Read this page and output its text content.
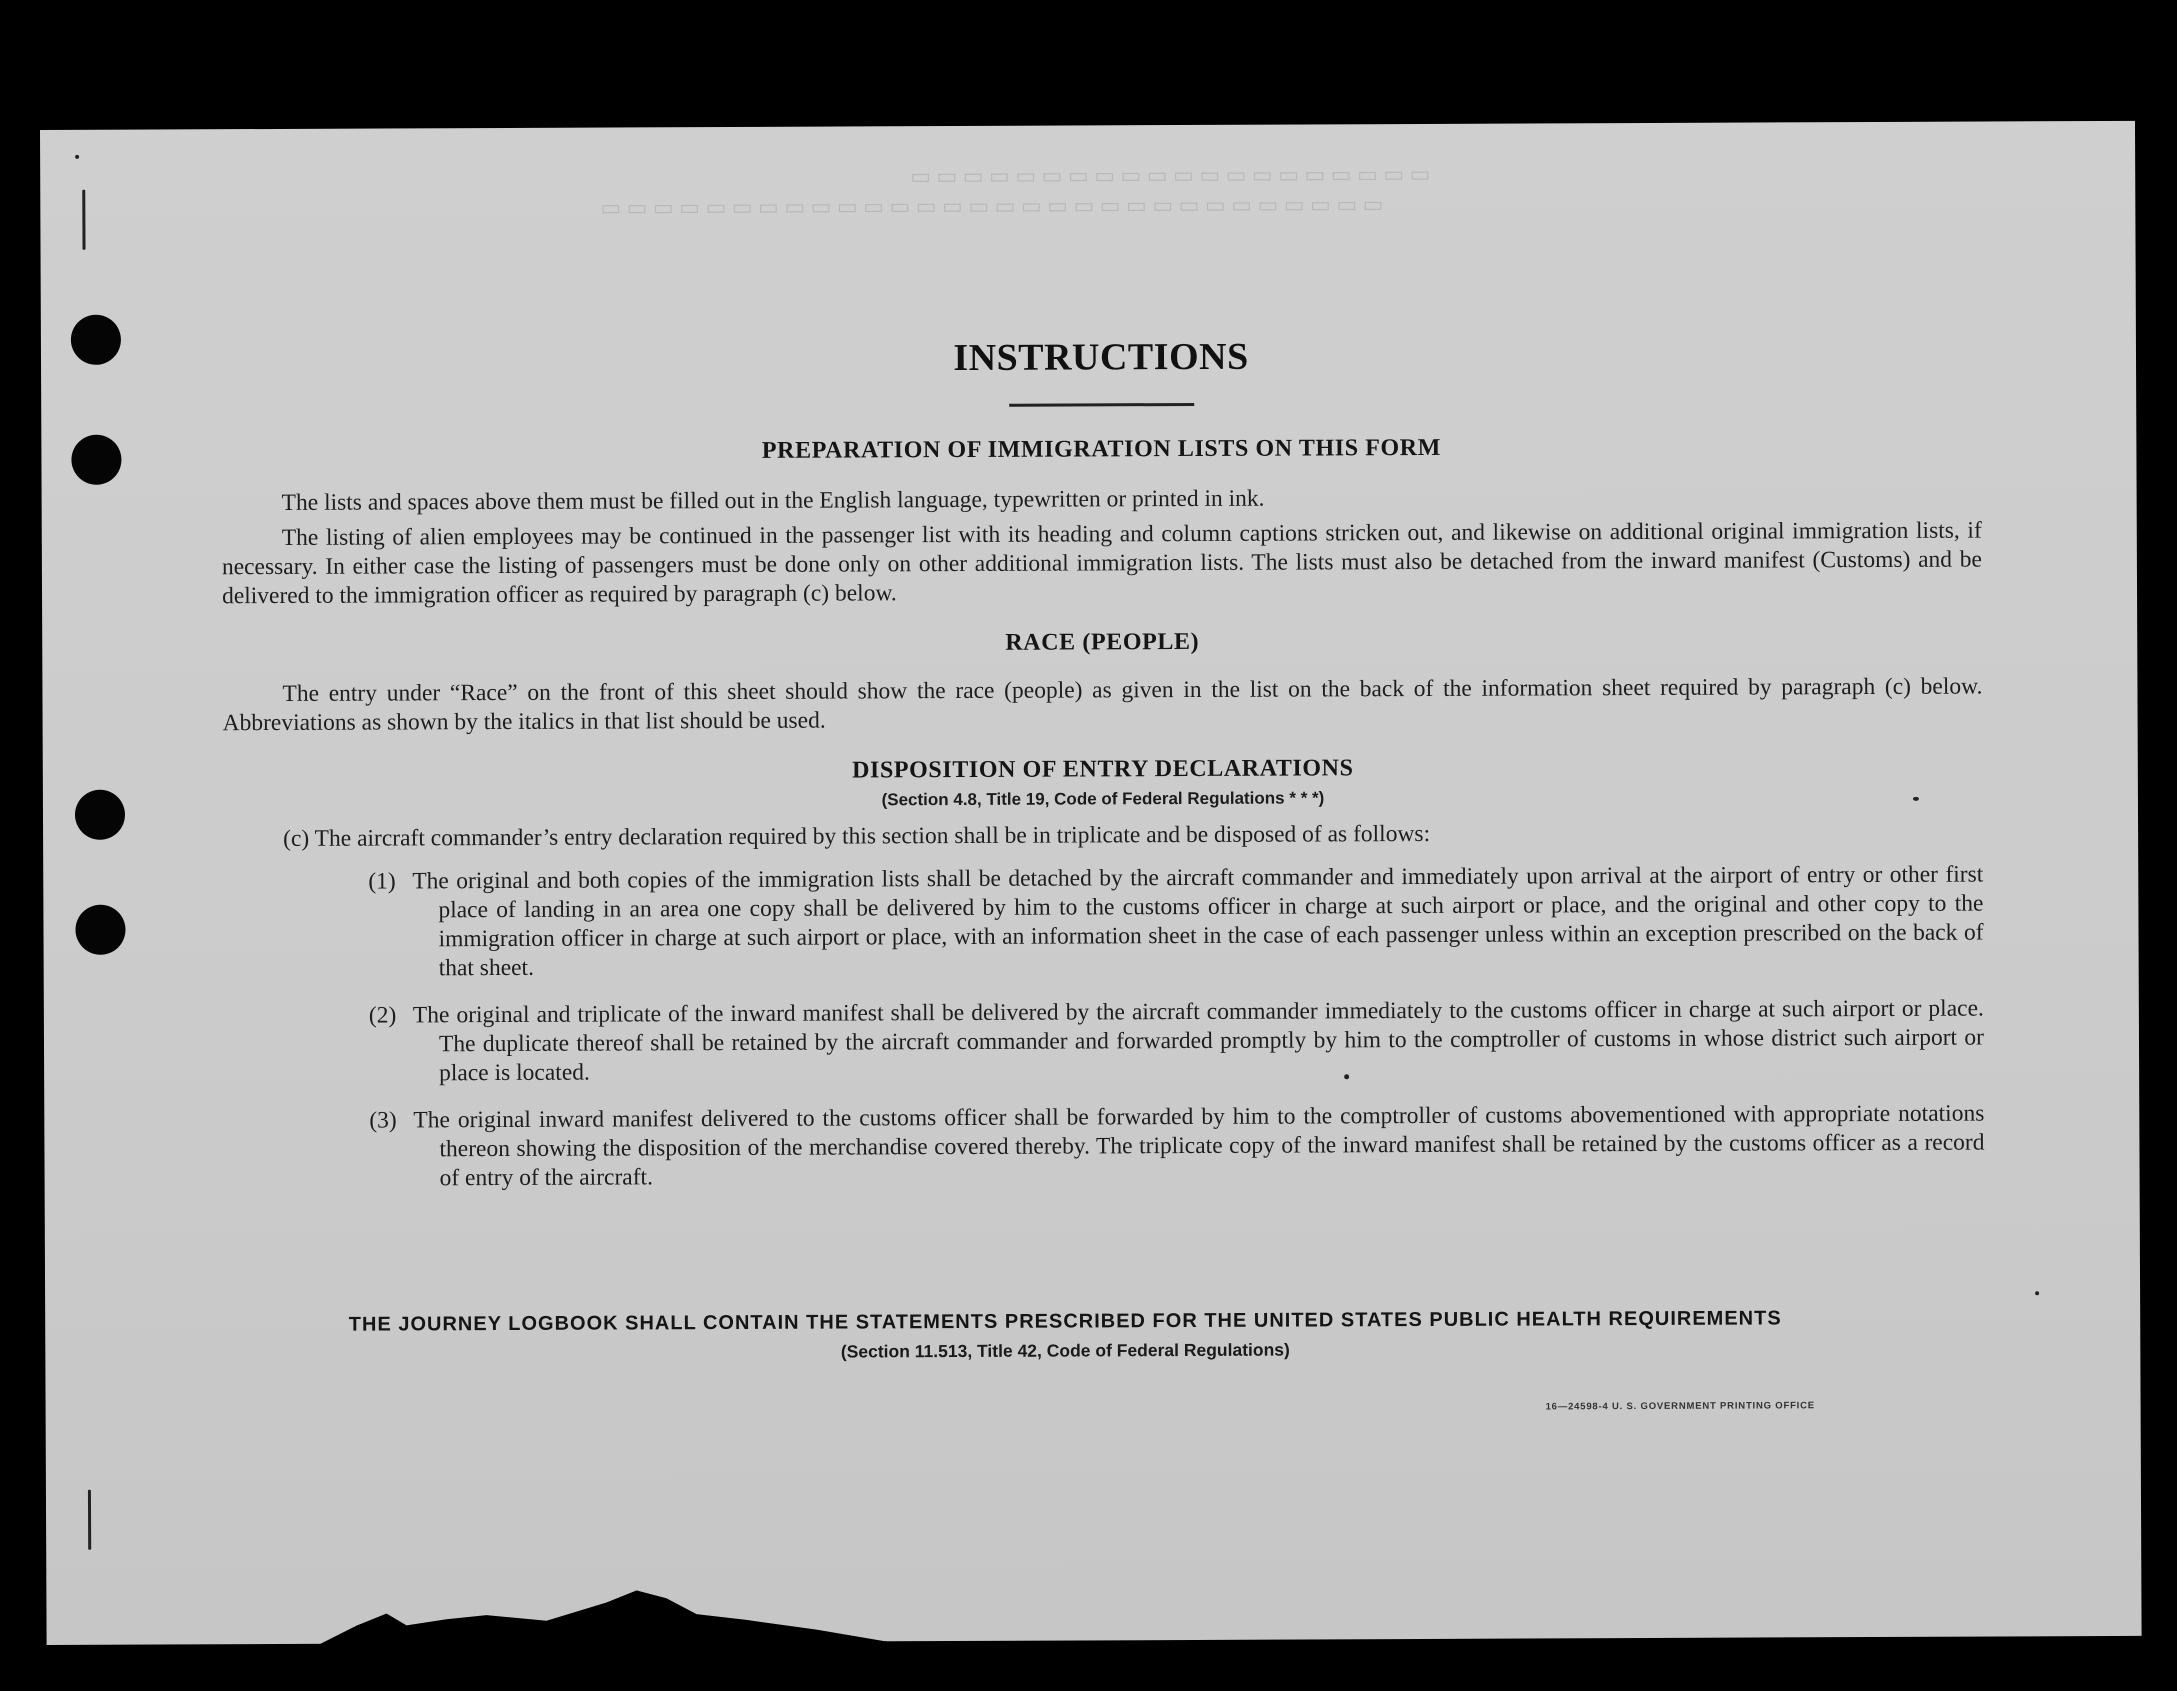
▭ ▭ ▭ ▭ ▭ ▭ ▭ ▭ ▭ ▭ ▭ ▭ ▭ ▭ ▭ ▭ ▭ ▭ ▭ ▭
▭ ▭ ▭ ▭ ▭ ▭ ▭ ▭ ▭ ▭ ▭ ▭ ▭ ▭ ▭ ▭ ▭ ▭ ▭ ▭ ▭ ▭ ▭ ▭ ▭ ▭ ▭ ▭ ▭ ▭
INSTRUCTIONS
PREPARATION OF IMMIGRATION LISTS ON THIS FORM

The lists and spaces above them must be filled out in the English language, typewritten or printed in ink.

The listing of alien employees may be continued in the passenger list with its heading and column captions stricken out, and likewise on additional original immigration lists, if necessary. In either case the listing of passengers must be done only on other additional immigration lists. The lists must also be detached from the inward manifest (Customs) and be delivered to the immigration officer as required by paragraph (c) below.

RACE (PEOPLE)

The entry under “Race” on the front of this sheet should show the race (people) as given in the list on the back of the information sheet required by paragraph (c) below. Abbreviations as shown by the italics in that list should be used.

DISPOSITION OF ENTRY DECLARATIONS
(Section 4.8, Title 19, Code of Federal Regulations * * *)

(c) The aircraft commander’s entry declaration required by this section shall be in triplicate and be disposed of as follows:

(1) The original and both copies of the immigration lists shall be detached by the aircraft commander and immediately upon arrival at the airport of entry or other first place of landing in an area one copy shall be delivered by him to the customs officer in charge at such airport or place, and the original and other copy to the immigration officer in charge at such airport or place, with an information sheet in the case of each passenger unless within an exception prescribed on the back of that sheet.
(2) The original and triplicate of the inward manifest shall be delivered by the aircraft commander immediately to the customs officer in charge at such airport or place. The duplicate thereof shall be retained by the aircraft commander and forwarded promptly by him to the comptroller of customs in whose district such airport or place is located.
(3) The original inward manifest delivered to the customs officer shall be forwarded by him to the comptroller of customs abovementioned with appropriate notations thereon showing the disposition of the merchandise covered thereby. The triplicate copy of the inward manifest shall be retained by the customs officer as a record of entry of the aircraft.
THE JOURNEY LOGBOOK SHALL CONTAIN THE STATEMENTS PRESCRIBED FOR THE UNITED STATES PUBLIC HEALTH REQUIREMENTS
(Section 11.513, Title 42, Code of Federal Regulations)
16—24598-4 U. S. GOVERNMENT PRINTING OFFICE
